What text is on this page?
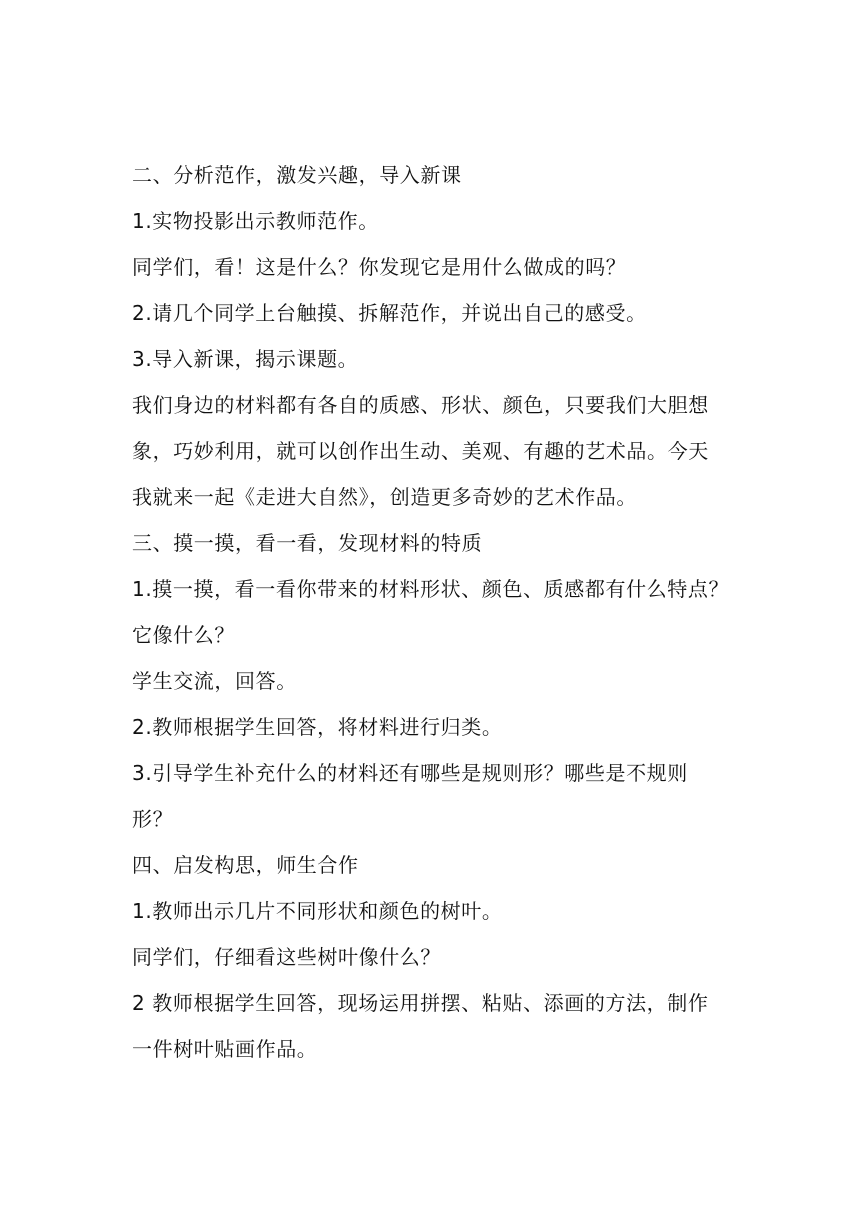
二、分析范作，激发兴趣，导入新课
1.实物投影出示教师范作。
同学们，看！这是什么？你发现它是用什么做成的吗？
2.请几个同学上台触摸、拆解范作，并说出自己的感受。
3.导入新课，揭示课题。
我们身边的材料都有各自的质感、形状、颜色，只要我们大胆想
象，巧妙利用，就可以创作出生动、美观、有趣的艺术品。今天
我就来一起《走进大自然》，创造更多奇妙的艺术作品。
三、摸一摸，看一看，发现材料的特质
1.摸一摸，看一看你带来的材料形状、颜色、质感都有什么特点？
它像什么？
学生交流，回答。
2.教师根据学生回答，将材料进行归类。
3.引导学生补充什么的材料还有哪些是规则形？哪些是不规则
形？
四、启发构思，师生合作
1.教师出示几片不同形状和颜色的树叶。
同学们，仔细看这些树叶像什么？
2 教师根据学生回答，现场运用拼摆、粘贴、添画的方法，制作
一件树叶贴画作品。
